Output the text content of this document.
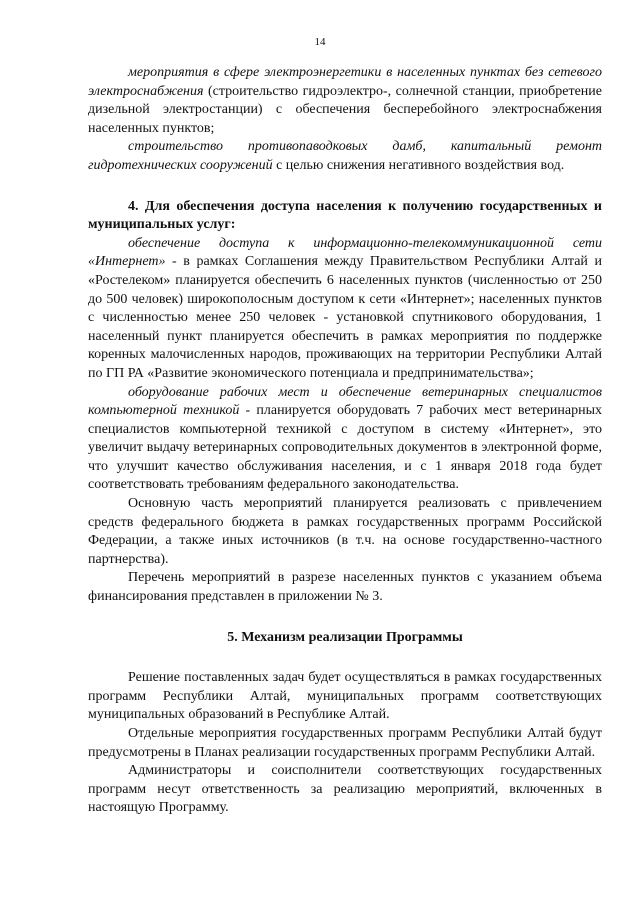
14

мероприятия в сфере электроэнергетики в населенных пунктах без сетевого электроснабжения (строительство гидроэлектро-, солнечной станции, приобретение дизельной электростанции) с обеспечения бесперебойного электроснабжения населенных пунктов;

строительство противопаводковых дамб, капитальный ремонт гидротехнических сооружений с целью снижения негативного воздействия вод.

4. Для обеспечения доступа населения к получению государственных и муниципальных услуг:

обеспечение доступа к информационно-телекоммуникационной сети «Интернет» - в рамках Соглашения между Правительством Республики Алтай и «Ростелеком» планируется обеспечить 6 населенных пунктов (численностью от 250 до 500 человек) широкополосным доступом к сети «Интернет»; населенных пунктов с численностью менее 250 человек - установкой спутникового оборудования, 1 населенный пункт планируется обеспечить в рамках мероприятия по поддержке коренных малочисленных народов, проживающих на территории Республики Алтай по ГП РА «Развитие экономического потенциала и предпринимательства»;

оборудование рабочих мест и обеспечение ветеринарных специалистов компьютерной техникой - планируется оборудовать 7 рабочих мест ветеринарных специалистов компьютерной техникой с доступом в систему «Интернет», это увеличит выдачу ветеринарных сопроводительных документов в электронной форме, что улучшит качество обслуживания населения, и с 1 января 2018 года будет соответствовать требованиям федерального законодательства.

Основную часть мероприятий планируется реализовать с привлечением средств федерального бюджета в рамках государственных программ Российской Федерации, а также иных источников (в т.ч. на основе государственно-частного партнерства).

Перечень мероприятий в разрезе населенных пунктов с указанием объема финансирования представлен в приложении № 3.

5. Механизм реализации Программы

Решение поставленных задач будет осуществляться в рамках государственных программ Республики Алтай, муниципальных программ соответствующих муниципальных образований в Республике Алтай.

Отдельные мероприятия государственных программ Республики Алтай будут предусмотрены в Планах реализации государственных программ Республики Алтай.

Администраторы и соисполнители соответствующих государственных программ несут ответственность за реализацию мероприятий, включенных в настоящую Программу.
